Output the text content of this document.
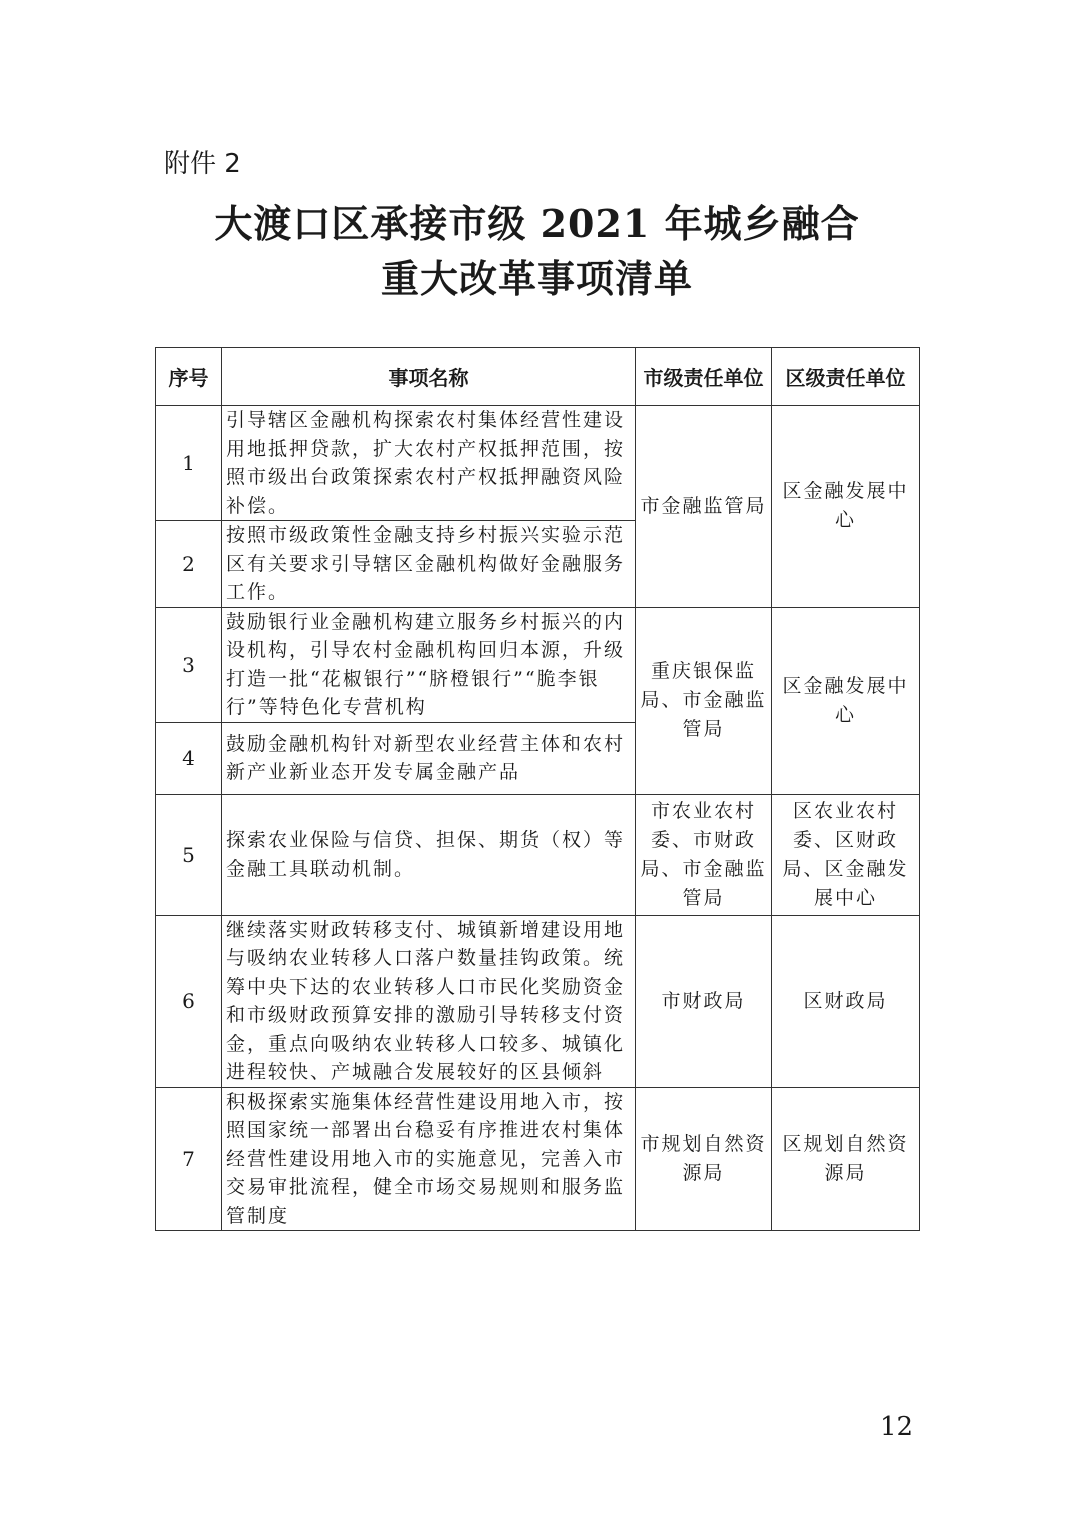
附件 2
大渡口区承接市级 2021 年城乡融合
重大改革事项清单
序号	事项名称	市级责任单位	区级责任单位
1	引导辖区金融机构探索农村集体经营性建设用地抵押贷款，扩大农村产权抵押范围，按照市级出台政策探索农村产权抵押融资风险补偿。	市金融监管局	区金融发展中心
2	按照市级政策性金融支持乡村振兴实验示范区有关要求引导辖区金融机构做好金融服务工作。		
3	鼓励银行业金融机构建立服务乡村振兴的内设机构，引导农村金融机构回归本源，升级打造一批“花椒银行”“脐橙银行”“脆李银行”等特色化专营机构	重庆银保监局、市金融监管局	区金融发展中心
4	鼓励金融机构针对新型农业经营主体和农村新产业新业态开发专属金融产品		
5	探索农业保险与信贷、担保、期货（权）等金融工具联动机制。	市农业农村委、市财政局、市金融监管局	区农业农村委、区财政局、区金融发展中心
6	继续落实财政转移支付、城镇新增建设用地与吸纳农业转移人口落户数量挂钩政策。统筹中央下达的农业转移人口市民化奖励资金和市级财政预算安排的激励引导转移支付资金，重点向吸纳农业转移人口较多、城镇化进程较快、产城融合发展较好的区县倾斜	市财政局	区财政局
7	积极探索实施集体经营性建设用地入市，按照国家统一部署出台稳妥有序推进农村集体经营性建设用地入市的实施意见，完善入市交易审批流程，健全市场交易规则和服务监管制度	市规划自然资源局	区规划自然资源局
12
